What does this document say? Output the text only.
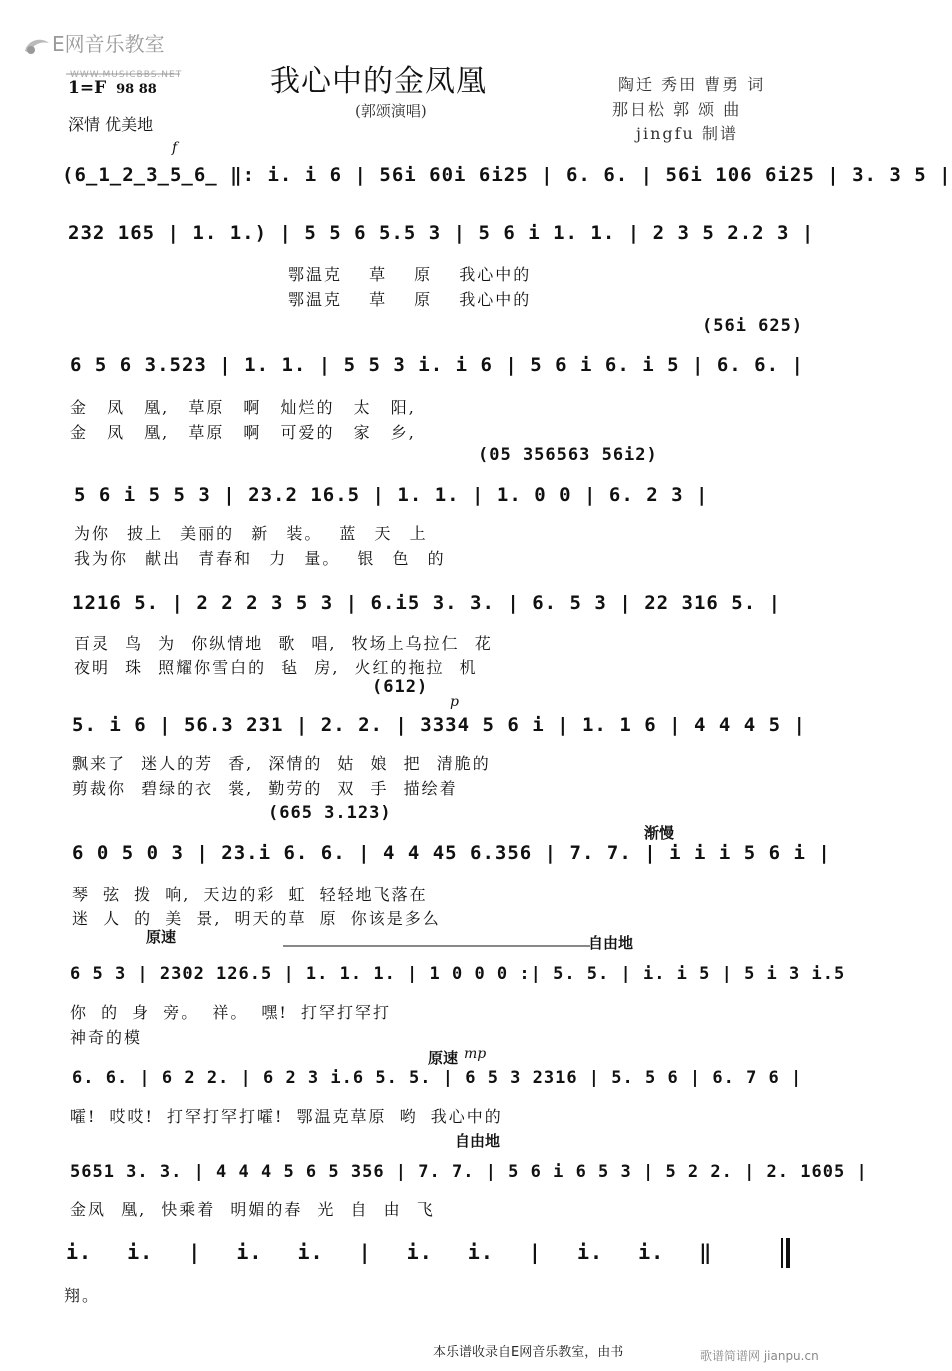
E网音乐教室
WWW.MUSICBBS.NET	我心中的金凤凰
(郭颂演唱)
陶迁 秀田 曹勇 词
那日松 郭 颂 曲
jingfu 制谱
1=F 98 88
深情 优美地
f
p
渐慢
原速	自由地
原速 mp
自由地
(6̲1̲2̲3̲5̲6̲ ‖: i. i 6 | 56i 60i 6i25 | 6. 6. | 56i 106 6i25 | 3. 3 5 |
232 165 | 1. 1.) | 5 5 6 5.5 3 | 5 6 i 1. 1. | 2 3 5 2.2 3 |
(56i 625)
6 5 6 3.523 | 1. 1. | 5 5 3 i. i 6 | 5 6 i 6. i 5 | 6. 6. |
(05 356563 56i2)
5 6 i 5 5 3 | 23.2 16.5 | 1. 1. | 1. 0 0 | 6. 2 3 |
1216 5. | 2 2 2 3 5 3 | 6.i5 3. 3. | 6. 5 3 | 22 316 5. |
(612)
5. i 6 | 56.3 231 | 2. 2. | 3334 5 6 i | 1. 1 6 | 4 4 4 5 |
(665 3.123)
6 0 5 0 3 | 23.i 6. 6. | 4 4 45 6.356 | 7. 7. | i i i 5 6 i |
6 5 3 | 2302 126.5 | 1. 1. 1. | 1 0 0 0 :| 5. 5. | i. i 5 | 5 i 3 i.5
6. 6. | 6 2 2. | 6 2 3 i.6 5. 5. | 6 5 3 2316 | 5. 5 6 | 6. 7 6 |
5651 3. 3. | 4 4 4 5 6 5 356 | 7. 7. | 5 6 i 6 5 3 | 5 2 2. | 2. 1605 |
i. i. | i. i. | i. i. | i. i. ‖
鄂温克 草 原 我心中的
鄂温克 草 原 我心中的
金 凤 凰, 草原 啊 灿烂的 太 阳,
金 凤 凰, 草原 啊 可爱的 家 乡,
为你 披上 美丽的 新 装。 蓝 天 上
我为你 献出 青春和 力 量。 银 色 的
百灵 鸟 为 你纵情地 歌 唱, 牧场上乌拉仁 花
夜明 珠 照耀你雪白的 毡 房, 火红的拖拉 机
飘来了 迷人的芳 香, 深情的 姑 娘 把 清脆的
剪裁你 碧绿的衣 裳, 勤劳的 双 手 描绘着
琴 弦 拨 响, 天边的彩 虹 轻轻地飞落在
迷 人 的 美 景, 明天的草 原 你该是多么
你 的 身 旁。 祥。 嘿! 打罕打罕打
神奇的模
嚯! 哎哎! 打罕打罕打嚯! 鄂温克草原 哟 我心中的
金凤 凰, 快乘着 明媚的春 光 自 由 飞
翔。
本乐谱收录自E网音乐教室，由书	歌谱简谱网 jianpu.cn
